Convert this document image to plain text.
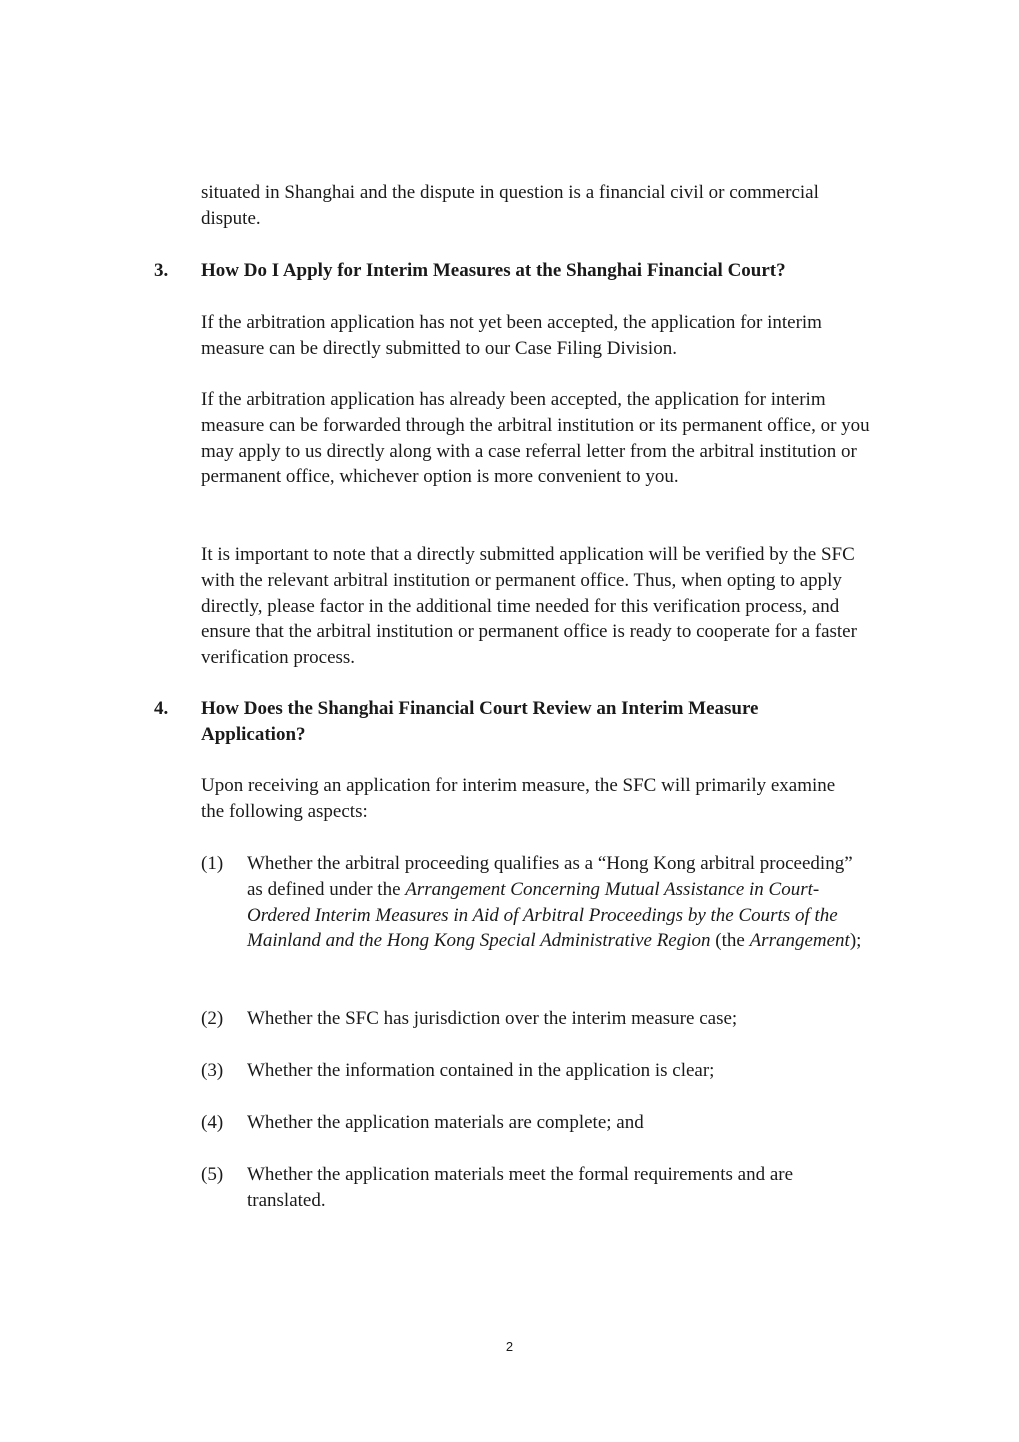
situated in Shanghai and the dispute in question is a financial civil or commercial dispute.

3. How Do I Apply for Interim Measures at the Shanghai Financial Court?

If the arbitration application has not yet been accepted, the application for interim measure can be directly submitted to our Case Filing Division.

If the arbitration application has already been accepted, the application for interim measure can be forwarded through the arbitral institution or its permanent office, or you may apply to us directly along with a case referral letter from the arbitral institution or permanent office, whichever option is more convenient to you.

It is important to note that a directly submitted application will be verified by the SFC with the relevant arbitral institution or permanent office. Thus, when opting to apply directly, please factor in the additional time needed for this verification process, and ensure that the arbitral institution or permanent office is ready to cooperate for a faster verification process.

4. How Does the Shanghai Financial Court Review an Interim Measure Application?

Upon receiving an application for interim measure, the SFC will primarily examine the following aspects:

(1) Whether the arbitral proceeding qualifies as a “Hong Kong arbitral proceeding” as defined under the Arrangement Concerning Mutual Assistance in Court-Ordered Interim Measures in Aid of Arbitral Proceedings by the Courts of the Mainland and the Hong Kong Special Administrative Region (the Arrangement);
(2) Whether the SFC has jurisdiction over the interim measure case;
(3) Whether the information contained in the application is clear;
(4) Whether the application materials are complete; and
(5) Whether the application materials meet the formal requirements and are translated.
2
